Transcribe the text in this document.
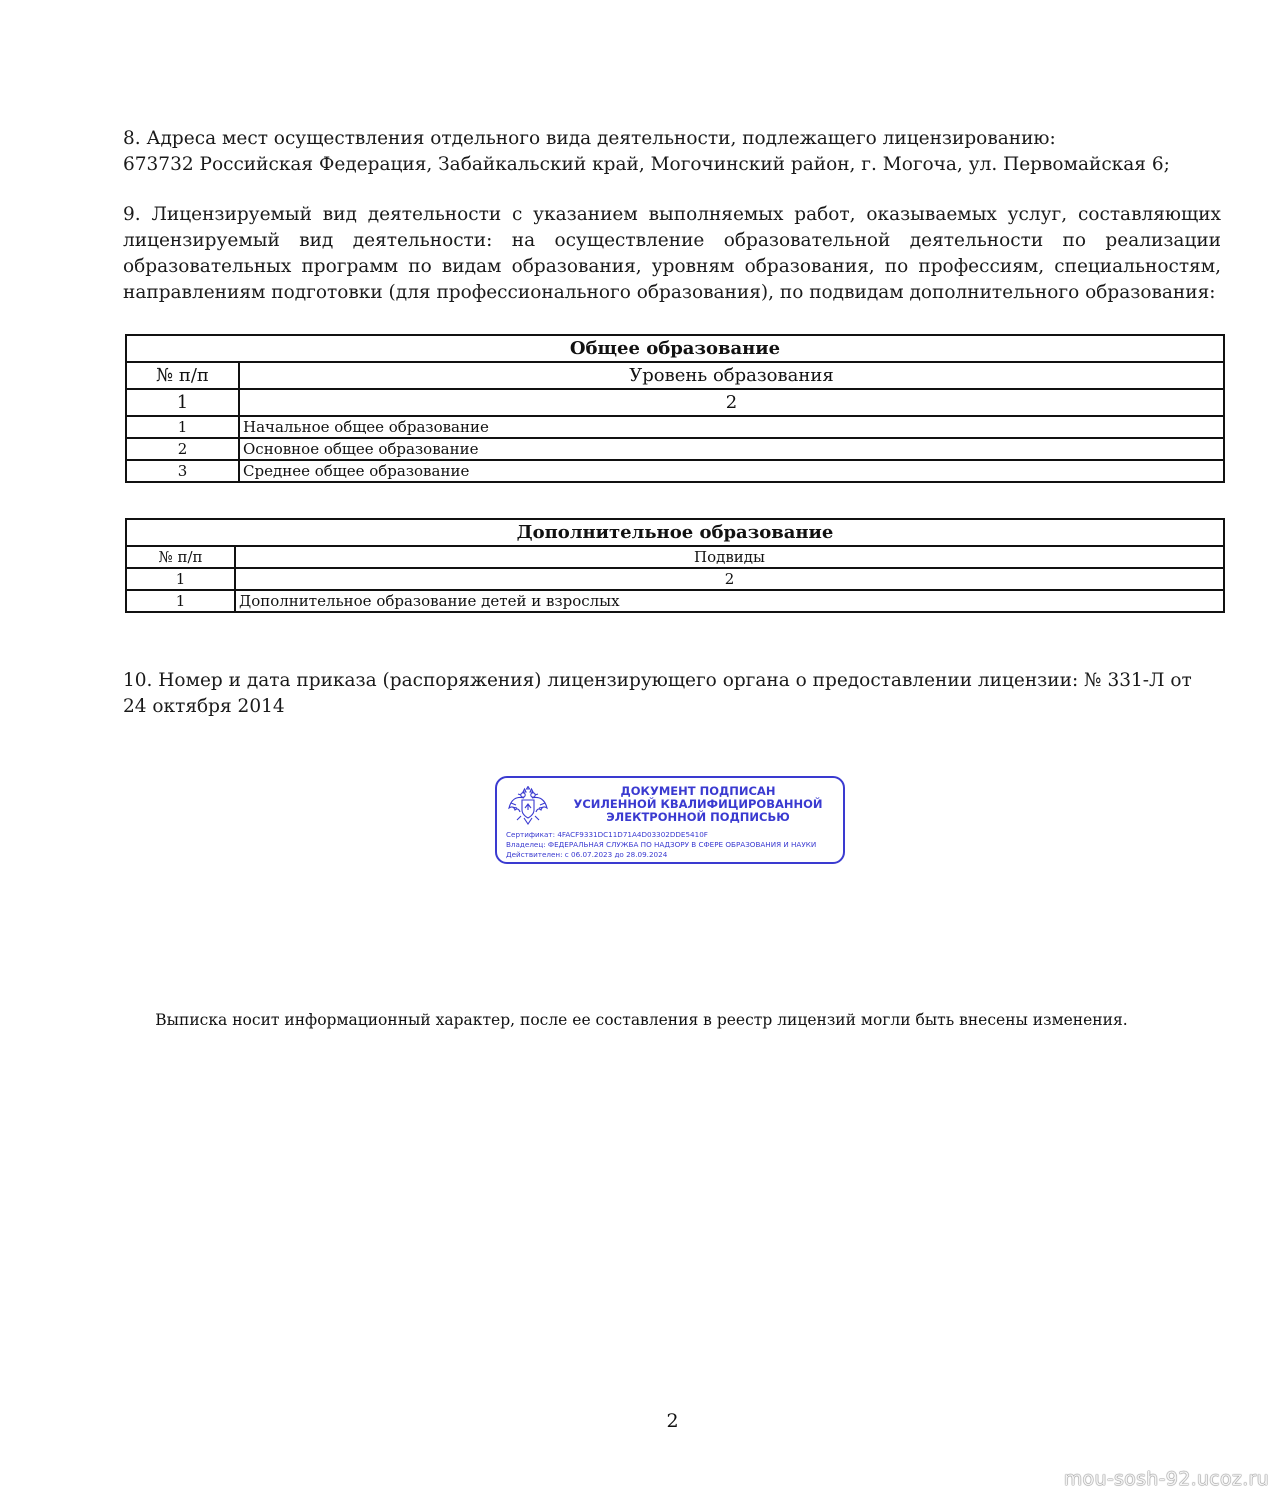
8. Адреса мест осуществления отдельного вида деятельности, подлежащего лицензированию:
673732 Российская Федерация, Забайкальский край, Могочинский район, г. Могоча, ул. Первомайская 6;

9. Лицензируемый вид деятельности с указанием выполняемых работ, оказываемых услуг, составляющих лицензируемый вид деятельности: на осуществление образовательной деятельности по реализации образовательных программ по видам образования, уровням образования, по профессиям, специальностям, направлениям подготовки (для профессионального образования), по подвидам дополнительного образования:

Общее образование	
№ п/п	Уровень образования
1	2
1	Начальное общее образование
2	Основное общее образование
3	Среднее общее образование
Дополнительное образование	
№ п/п	Подвиды
1	2
1	Дополнительное образование детей и взрослых
10. Номер и дата приказа (распоряжения) лицензирующего органа о предоставлении лицензии: № 331-Л от
24 октября 2014
ДОКУМЕНТ ПОДПИСАН
УСИЛЕННОЙ КВАЛИФИЦИРОВАННОЙ
ЭЛЕКТРОННОЙ ПОДПИСЬЮ
Сертификат: 4FACF9331DC11D71A4D03302DDE5410F
Владелец: ФЕДЕРАЛЬНАЯ СЛУЖБА ПО НАДЗОРУ В СФЕРЕ ОБРАЗОВАНИЯ И НАУКИ
Действителен: с 06.07.2023 до 28.09.2024
Выписка носит информационный характер, после ее составления в реестр лицензий могли быть внесены изменения.
2
mou-sosh-92.ucoz.ru
